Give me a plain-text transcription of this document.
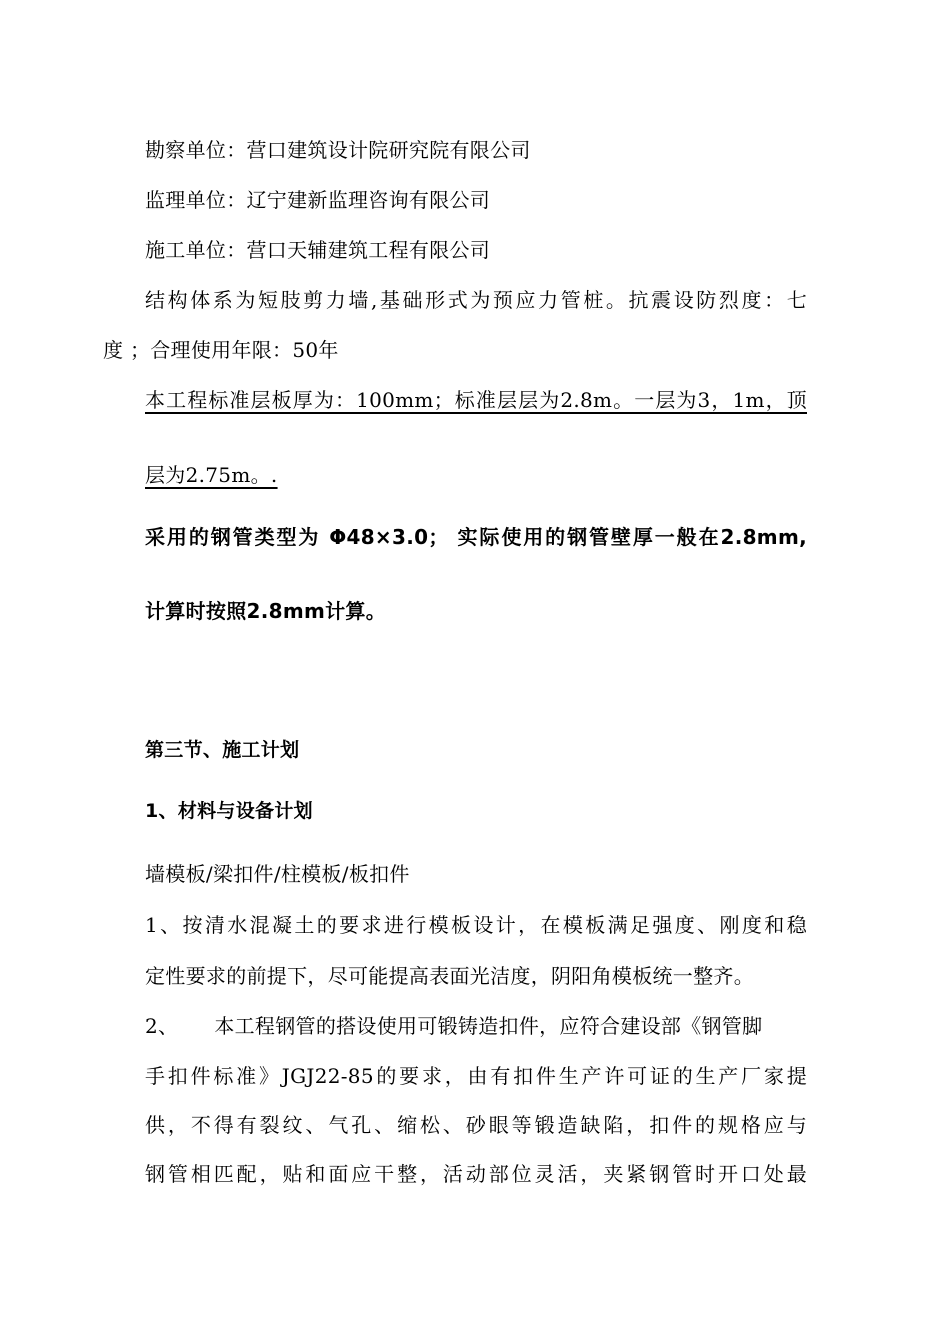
勘察单位：营口建筑设计院研究院有限公司

监理单位：辽宁建新监理咨询有限公司

施工单位：营口天辅建筑工程有限公司

结构体系为短肢剪力墙,基础形式为预应力管桩。抗震设防烈度：七

度 ；合理使用年限：50年

本工程标准层板厚为：100mm；标准层层为2.8m。一层为3，1m，顶

层为2.75m。.

采用的钢管类型为 Φ48×3.0； 实际使用的钢管壁厚一般在2.8mm,

计算时按照2.8mm计算。

第三节、施工计划

1、材料与设备计划

墙模板/梁扣件/柱模板/板扣件

1、按清水混凝土的要求进行模板设计，在模板满足强度、刚度和稳

定性要求的前提下，尽可能提高表面光洁度，阴阳角模板统一整齐。

2、 本工程钢管的搭设使用可锻铸造扣件，应符合建设部《钢管脚

手扣件标准》JGJ22-85的要求，由有扣件生产许可证的生产厂家提

供，不得有裂纹、气孔、缩松、砂眼等锻造缺陷，扣件的规格应与

钢管相匹配，贴和面应干整，活动部位灵活，夹紧钢管时开口处最
